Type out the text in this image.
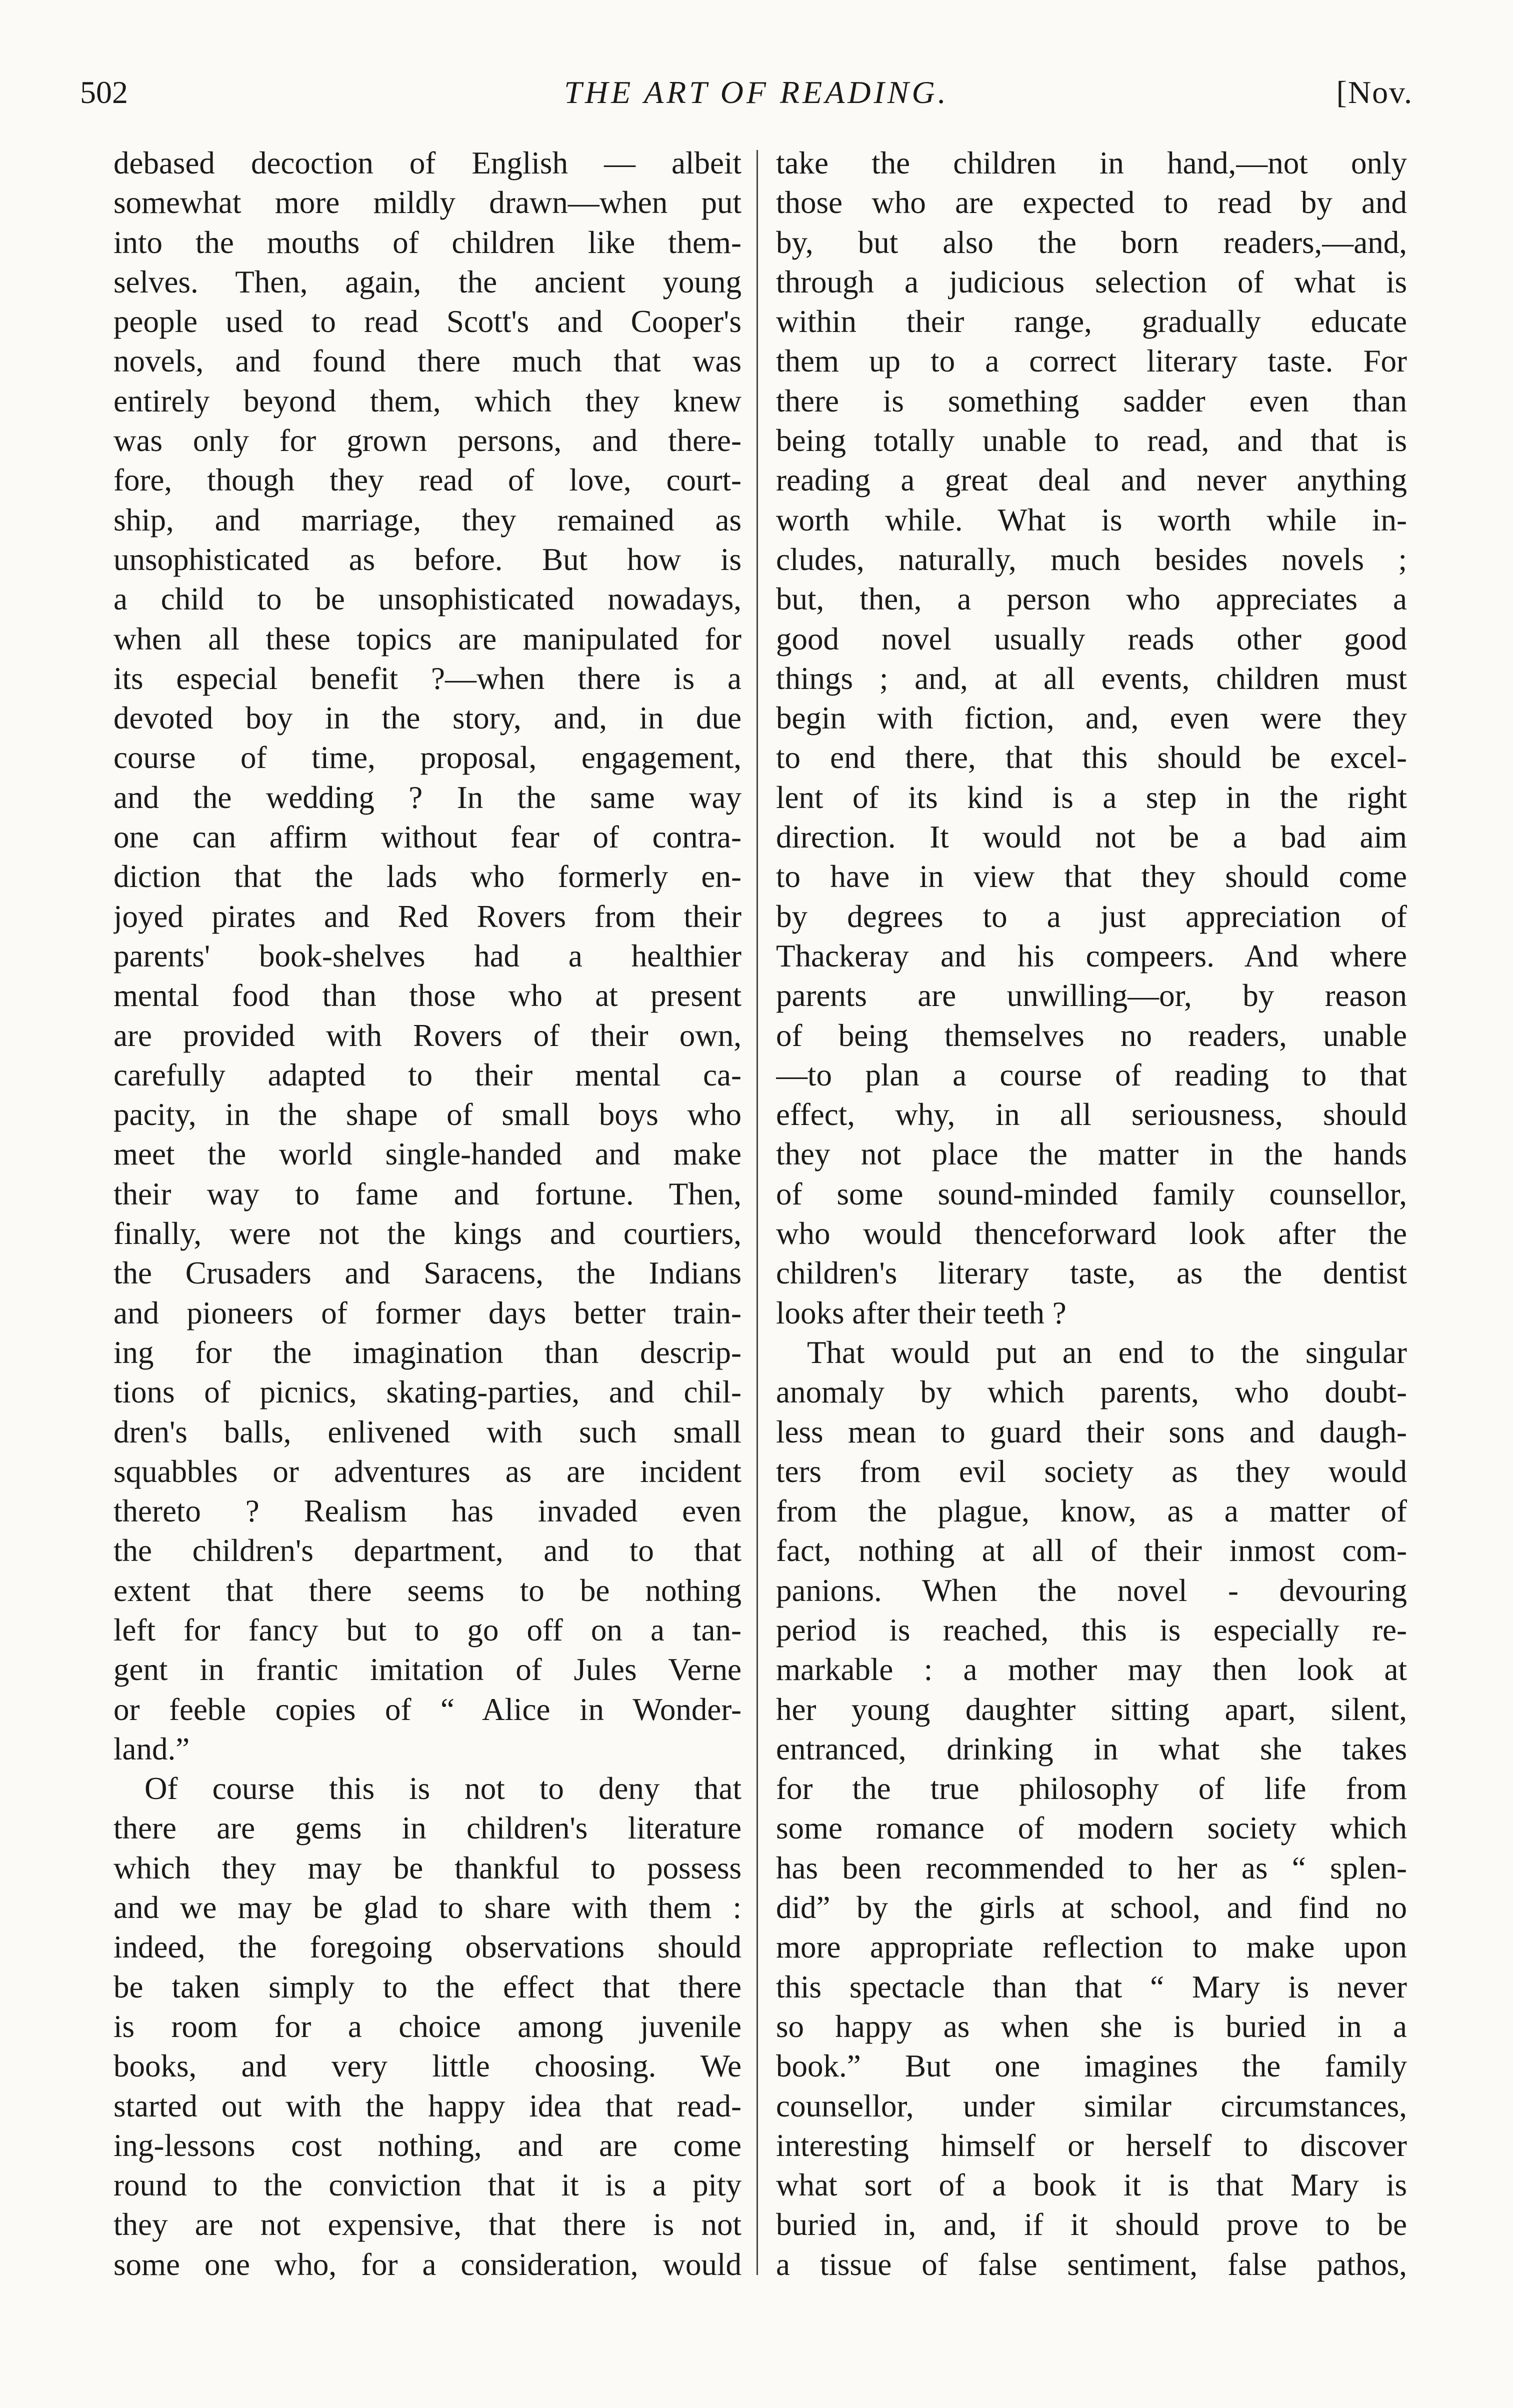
502	THE ART OF READING.	[Nov.
debased decoction of English — albeit
somewhat more mildly drawn—when put
into the mouths of children like them-
selves. Then, again, the ancient young
people used to read Scott's and Cooper's
novels, and found there much that was
entirely beyond them, which they knew
was only for grown persons, and there-
fore, though they read of love, court-
ship, and marriage, they remained as
unsophisticated as before. But how is
a child to be unsophisticated nowadays,
when all these topics are manipulated for
its especial benefit ?—when there is a
devoted boy in the story, and, in due
course of time, proposal, engagement,
and the wedding ? In the same way
one can affirm without fear of contra-
diction that the lads who formerly en-
joyed pirates and Red Rovers from their
parents' book-shelves had a healthier
mental food than those who at present
are provided with Rovers of their own,
carefully adapted to their mental ca-
pacity, in the shape of small boys who
meet the world single-handed and make
their way to fame and fortune. Then,
finally, were not the kings and courtiers,
the Crusaders and Saracens, the Indians
and pioneers of former days better train-
ing for the imagination than descrip-
tions of picnics, skating-parties, and chil-
dren's balls, enlivened with such small
squabbles or adventures as are incident
thereto ? Realism has invaded even
the children's department, and to that
extent that there seems to be nothing
left for fancy but to go off on a tan-
gent in frantic imitation of Jules Verne
or feeble copies of “ Alice in Wonder-
land.”
Of course this is not to deny that
there are gems in children's literature
which they may be thankful to possess
and we may be glad to share with them :
indeed, the foregoing observations should
be taken simply to the effect that there
is room for a choice among juvenile
books, and very little choosing. We
started out with the happy idea that read-
ing-lessons cost nothing, and are come
round to the conviction that it is a pity
they are not expensive, that there is not
some one who, for a consideration, would
take the children in hand,—not only
those who are expected to read by and
by, but also the born readers,—and,
through a judicious selection of what is
within their range, gradually educate
them up to a correct literary taste. For
there is something sadder even than
being totally unable to read, and that is
reading a great deal and never anything
worth while. What is worth while in-
cludes, naturally, much besides novels ;
but, then, a person who appreciates a
good novel usually reads other good
things ; and, at all events, children must
begin with fiction, and, even were they
to end there, that this should be excel-
lent of its kind is a step in the right
direction. It would not be a bad aim
to have in view that they should come
by degrees to a just appreciation of
Thackeray and his compeers. And where
parents are unwilling—or, by reason
of being themselves no readers, unable
—to plan a course of reading to that
effect, why, in all seriousness, should
they not place the matter in the hands
of some sound-minded family counsellor,
who would thenceforward look after the
children's literary taste, as the dentist
looks after their teeth ?
That would put an end to the singular
anomaly by which parents, who doubt-
less mean to guard their sons and daugh-
ters from evil society as they would
from the plague, know, as a matter of
fact, nothing at all of their inmost com-
panions. When the novel - devouring
period is reached, this is especially re-
markable : a mother may then look at
her young daughter sitting apart, silent,
entranced, drinking in what she takes
for the true philosophy of life from
some romance of modern society which
has been recommended to her as “ splen-
did” by the girls at school, and find no
more appropriate reflection to make upon
this spectacle than that “ Mary is never
so happy as when she is buried in a
book.” But one imagines the family
counsellor, under similar circumstances,
interesting himself or herself to discover
what sort of a book it is that Mary is
buried in, and, if it should prove to be
a tissue of false sentiment, false pathos,
